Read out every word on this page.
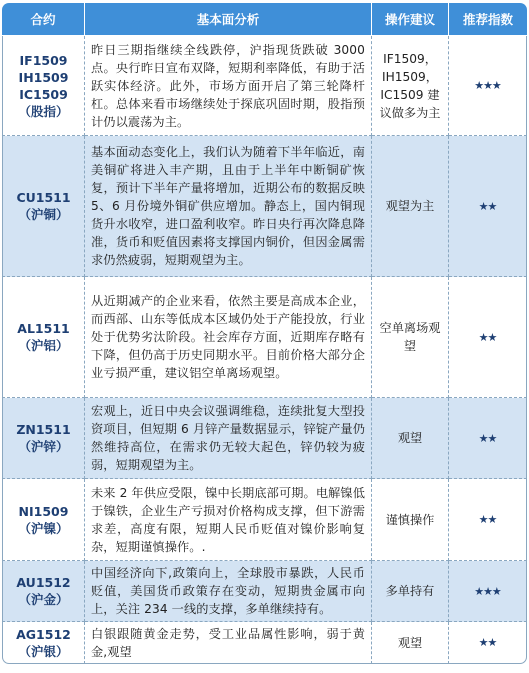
合约	基本面分析	操作建议	推荐指数

IF1509
IH1509
IC1509
（股指）	昨日三期指继续全线跌停，沪指现货跌破 3000 点。央行昨日宣布双降，短期利率降低，有助于活跃实体经济。此外，市场方面开启了第三轮降杆杠。总体来看市场继续处于探底巩固时期，股指预计仍以震荡为主。	IF1509，IH1509，IC1509 建议做多为主	★★★

CU1511
（沪铜）	基本面动态变化上，我们认为随着下半年临近，南美铜矿将进入丰产期，且由于上半年中断铜矿恢复，预计下半年产量将增加，近期公布的数据反映 5、6 月份境外铜矿供应增加。静态上，国内铜现货升水收窄，进口盈利收窄。昨日央行再次降息降准，货币和贬值因素将支撑国内铜价，但因金属需求仍然疲弱，短期观望为主。	观望为主	★★

AL1511
（沪铝）	从近期减产的企业来看，依然主要是高成本企业，而西部、山东等低成本区域仍处于产能投放，行业处于优势劣汰阶段。社会库存方面，近期库存略有下降，但仍高于历史同期水平。目前价格大部分企业亏损严重，建议铝空单离场观望。	空单离场观望	★★

ZN1511
（沪锌）	宏观上，近日中央会议强调维稳，连续批复大型投资项目，但短期 6 月锌产量数据显示，锌锭产量仍然维持高位，在需求仍无较大起色，锌仍较为疲弱，短期观望为主。	观望	★★

NI1509
（沪镍）	未来 2 年供应受限，镍中长期底部可期。电解镍低于镍铁，企业生产亏损对价格构成支撑，但下游需求差，高度有限，短期人民币贬值对镍价影响复杂，短期谨慎操作。.	谨慎操作	★★

AU1512
（沪金）	中国经济向下,政策向上，全球股市暴跌，人民币贬值，美国货币政策存在变动，短期贵金属市向上，关注 234 一线的支撑，多单继续持有。	多单持有	★★★

AG1512
（沪银）	白银跟随黄金走势，受工业品属性影响，弱于黄金,观望	观望	★★
